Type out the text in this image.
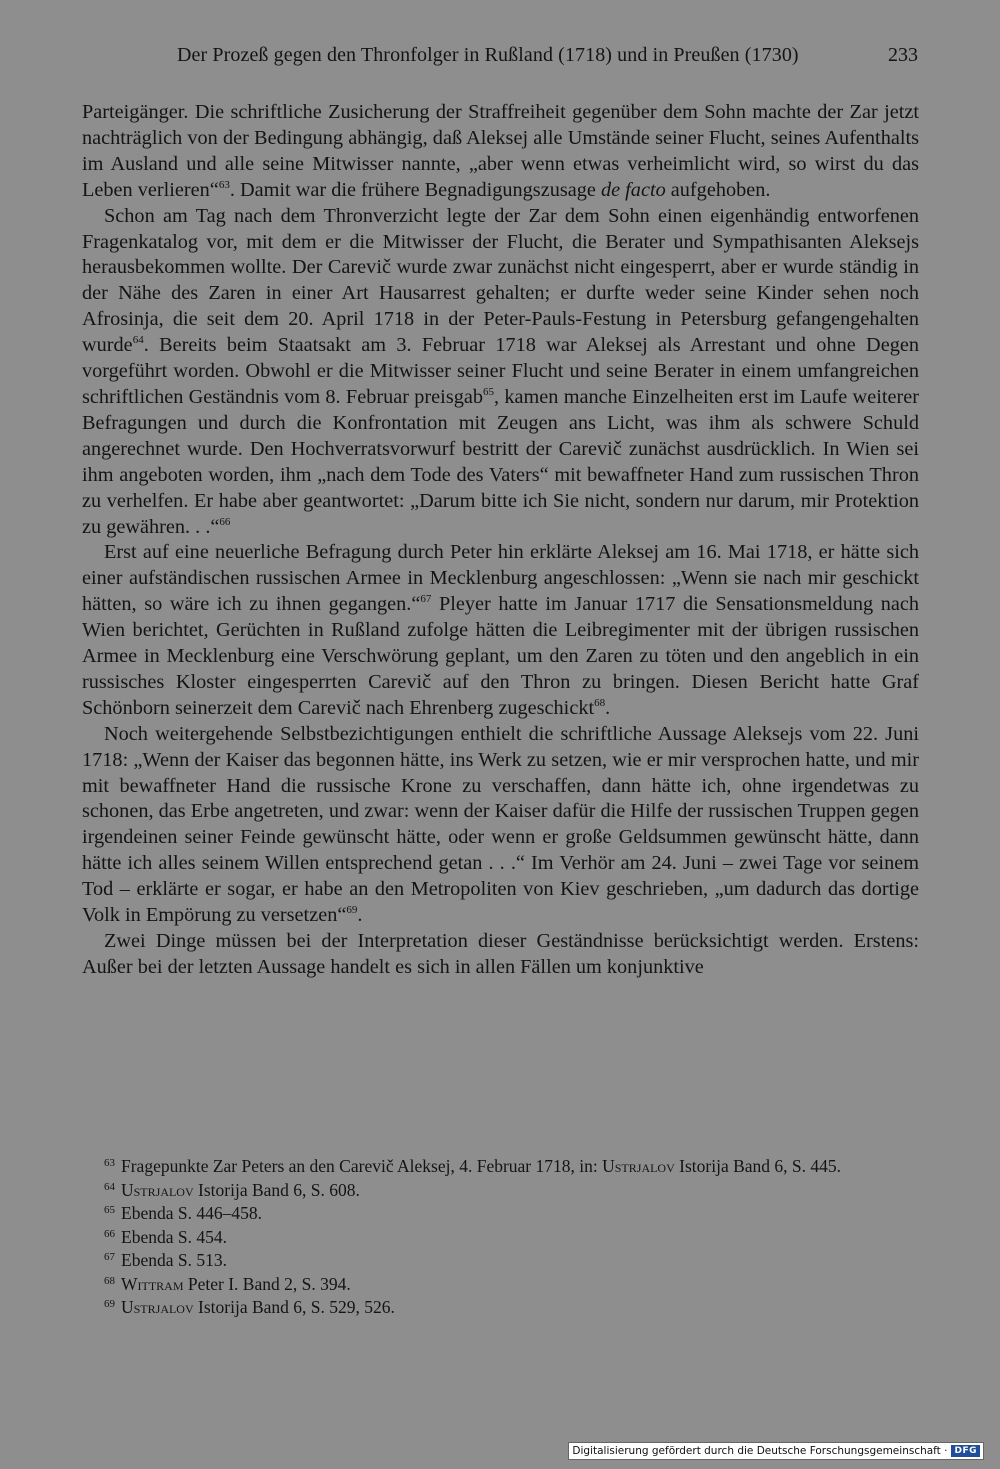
Der Prozeß gegen den Thronfolger in Rußland (1718) und in Preußen (1730)	233

Parteigänger. Die schriftliche Zusicherung der Straffreiheit gegenüber dem Sohn machte der Zar jetzt nachträglich von der Bedingung abhängig, daß Aleksej alle Umstände seiner Flucht, seines Aufenthalts im Ausland und alle seine Mitwisser nannte, „aber wenn etwas verheimlicht wird, so wirst du das Leben verlieren“$^{63}$. Damit war die frühere Begnadigungszusage de facto aufgehoben.

Schon am Tag nach dem Thronverzicht legte der Zar dem Sohn einen eigenhändig entworfenen Fragenkatalog vor, mit dem er die Mitwisser der Flucht, die Berater und Sympathisanten Aleksejs herausbekommen wollte. Der Carevič wurde zwar zunächst nicht eingesperrt, aber er wurde ständig in der Nähe des Zaren in einer Art Hausarrest gehalten; er durfte weder seine Kinder sehen noch Afrosinja, die seit dem 20. April 1718 in der Peter-Pauls-Festung in Petersburg gefangengehalten wurde$^{64}$. Bereits beim Staatsakt am 3. Februar 1718 war Aleksej als Arrestant und ohne Degen vorgeführt worden. Obwohl er die Mitwisser seiner Flucht und seine Berater in einem umfangreichen schriftlichen Geständnis vom 8. Februar preisgab$^{65}$, kamen manche Einzelheiten erst im Laufe weiterer Befragungen und durch die Konfrontation mit Zeugen ans Licht, was ihm als schwere Schuld angerechnet wurde. Den Hochverratsvorwurf bestritt der Carevič zunächst ausdrücklich. In Wien sei ihm angeboten worden, ihm „nach dem Tode des Vaters“ mit bewaffneter Hand zum russischen Thron zu verhelfen. Er habe aber geantwortet: „Darum bitte ich Sie nicht, sondern nur darum, mir Protektion zu gewähren. . .“$^{66}$

Erst auf eine neuerliche Befragung durch Peter hin erklärte Aleksej am 16. Mai 1718, er hätte sich einer aufständischen russischen Armee in Mecklenburg angeschlossen: „Wenn sie nach mir geschickt hätten, so wäre ich zu ihnen gegangen.“$^{67}$ Pleyer hatte im Januar 1717 die Sensationsmeldung nach Wien berichtet, Gerüchten in Rußland zufolge hätten die Leibregimenter mit der übrigen russischen Armee in Mecklenburg eine Verschwörung geplant, um den Zaren zu töten und den angeblich in ein russisches Kloster eingesperrten Carevič auf den Thron zu bringen. Diesen Bericht hatte Graf Schönborn seinerzeit dem Carevič nach Ehrenberg zugeschickt$^{68}$.

Noch weitergehende Selbstbezichtigungen enthielt die schriftliche Aussage Aleksejs vom 22. Juni 1718: „Wenn der Kaiser das begonnen hätte, ins Werk zu setzen, wie er mir versprochen hatte, und mir mit bewaffneter Hand die russische Krone zu verschaffen, dann hätte ich, ohne irgendetwas zu schonen, das Erbe angetreten, und zwar: wenn der Kaiser dafür die Hilfe der russischen Truppen gegen irgendeinen seiner Feinde gewünscht hätte, oder wenn er große Geldsummen gewünscht hätte, dann hätte ich alles seinem Willen entsprechend getan . . .“ Im Verhör am 24. Juni – zwei Tage vor seinem Tod – erklärte er sogar, er habe an den Metropoliten von Kiev geschrieben, „um dadurch das dortige Volk in Empörung zu versetzen“$^{69}$.

Zwei Dinge müssen bei der Interpretation dieser Geständnisse berücksichtigt werden. Erstens: Außer bei der letzten Aussage handelt es sich in allen Fällen um konjunktive

$^{63}$ Fragepunkte Zar Peters an den Carevič Aleksej, 4. Februar 1718, in: Ustrjalov Istorija Band 6, S. 445.

$^{64}$ Ustrjalov Istorija Band 6, S. 608.

$^{65}$ Ebenda S. 446–458.

$^{66}$ Ebenda S. 454.

$^{67}$ Ebenda S. 513.

$^{68}$ Wittram Peter I. Band 2, S. 394.

$^{69}$ Ustrjalov Istorija Band 6, S. 529, 526.

Digitalisierung gefördert durch die Deutsche Forschungsgemeinschaft · DFG
